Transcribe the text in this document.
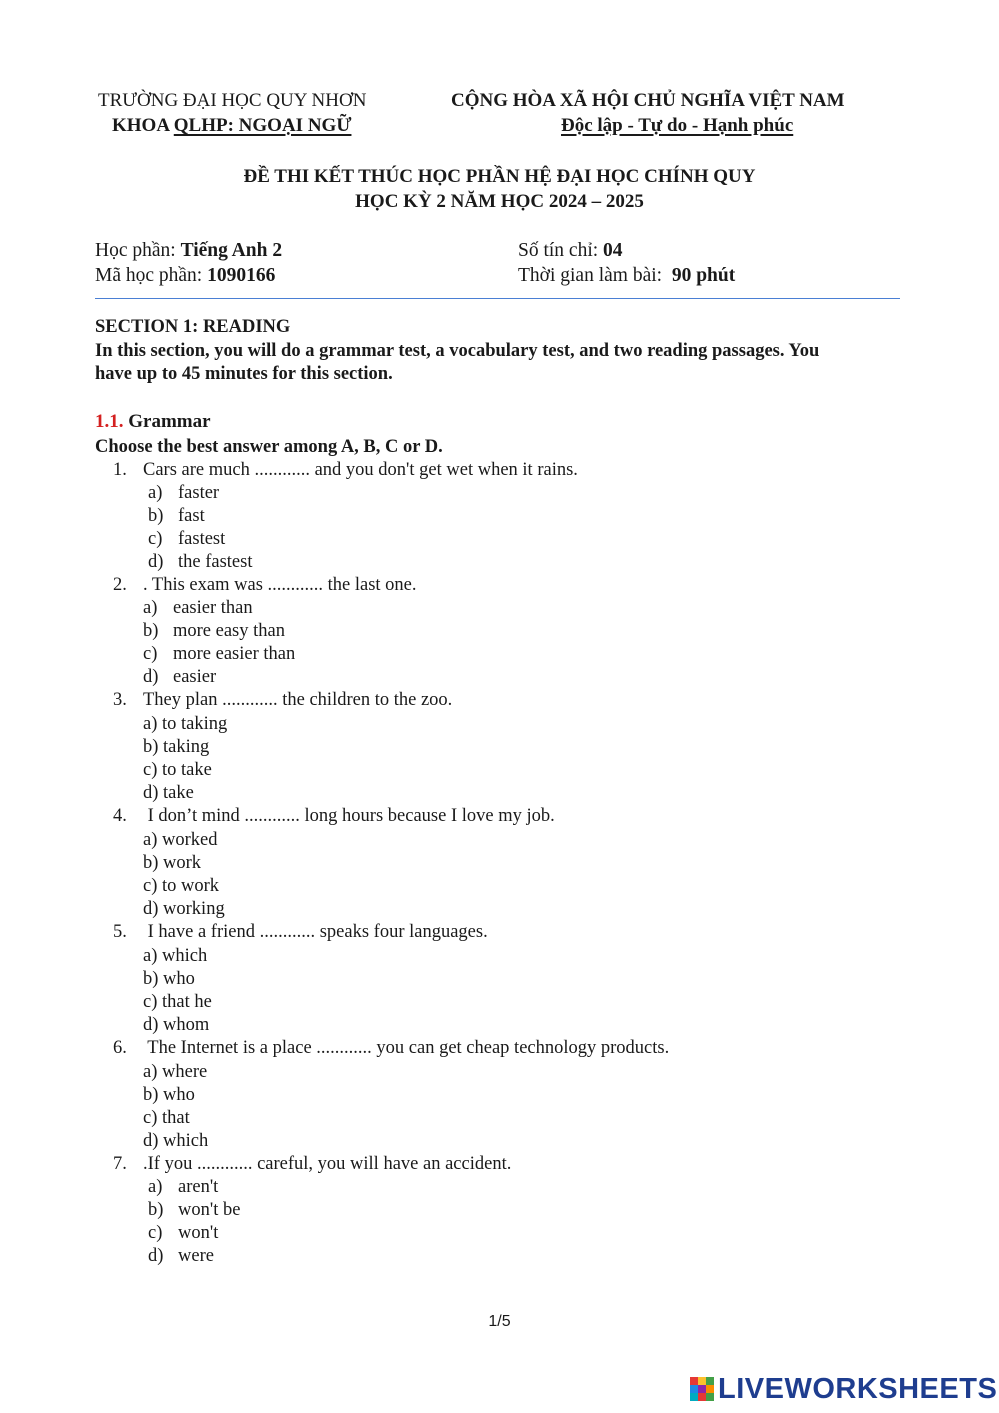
TRƯỜNG ĐẠI HỌC QUY NHƠN
KHOA QLHP: NGOẠI NGỮ
CỘNG HÒA XÃ HỘI CHỦ NGHĨA VIỆT NAM
Độc lập - Tự do - Hạnh phúc
ĐỀ THI KẾT THÚC HỌC PHẦN HỆ ĐẠI HỌC CHÍNH QUY
HỌC KỲ 2 NĂM HỌC 2024 – 2025
Học phần: Tiếng Anh 2
Mã học phần: 1090166
Số tín chỉ: 04
Thời gian làm bài:  90 phút
SECTION 1: READING
In this section, you will do a grammar test, a vocabulary test, and two reading passages. You
have up to 45 minutes for this section.
1.1. Grammar
Choose the best answer among A, B, C or D.
1. Cars are much ............ and you don't get wet when it rains.
a) faster
b) fast
c) fastest
d) the fastest
2. . This exam was ............ the last one.
a) easier than
b) more easy than
c) more easier than
d) easier
3. They plan ............ the children to the zoo.
a) to taking
b) taking
c) to take
d) take
4. I don’t mind ............ long hours because I love my job.
a) worked
b) work
c) to work
d) working
5. I have a friend ............ speaks four languages.
a) which
b) who
c) that he
d) whom
6. The Internet is a place ............ you can get cheap technology products.
a) where
b) who
c) that
d) which
7. .If you ............ careful, you will have an accident.
a) aren't
b) won't be
c) won't
d) were
1/5
LIVEWORKSHEETS
